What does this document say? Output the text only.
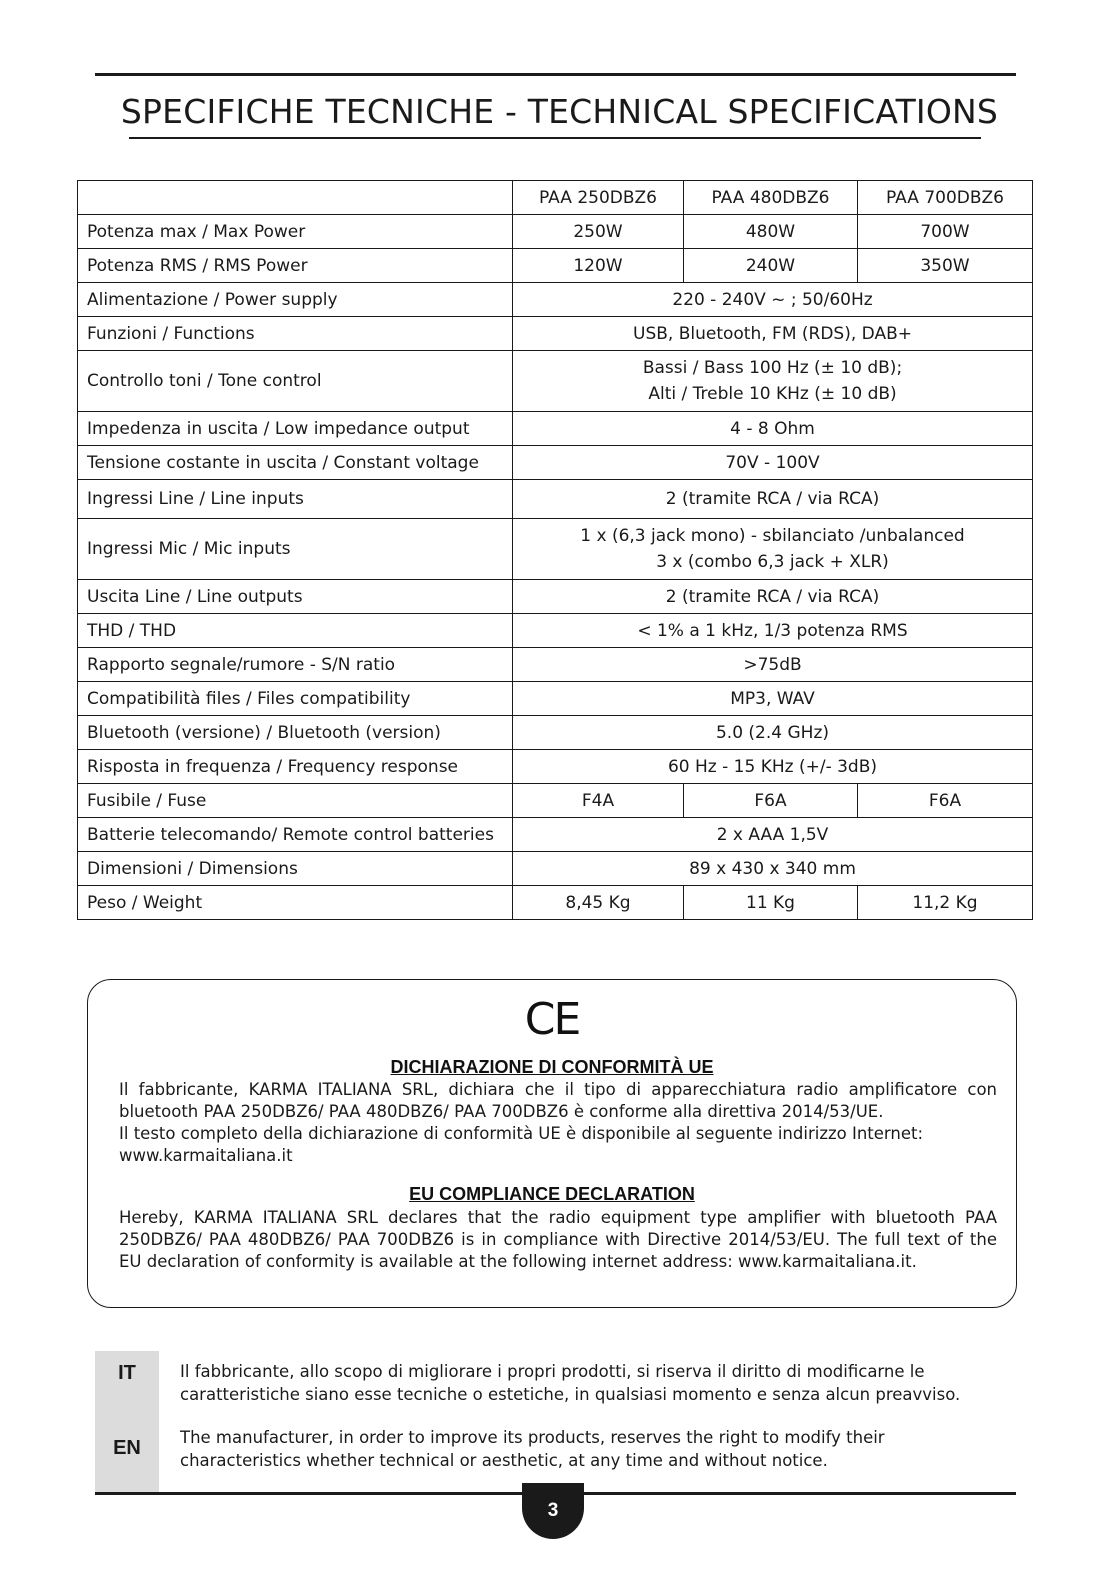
SPECIFICHE TECNICHE - TECHNICAL SPECIFICATIONS
	PAA 250DBZ6	PAA 480DBZ6	PAA 700DBZ6
Potenza max / Max Power	250W	480W	700W
Potenza RMS / RMS Power	120W	240W	350W
Alimentazione / Power supply	220 - 240V ~ ; 50/60Hz		
Funzioni / Functions	USB, Bluetooth, FM (RDS), DAB+		
Controllo toni / Tone control	Bassi / Bass 100 Hz (± 10 dB);
Alti / Treble 10 KHz (± 10 dB)		

Impedenza in uscita / Low impedance output	4 - 8 Ohm		
Tensione costante in uscita / Constant voltage	70V - 100V		
Ingressi Line / Line inputs	2 (tramite RCA / via RCA)		
Ingressi Mic / Mic inputs	1 x (6,3 jack mono) - sbilanciato /unbalanced
3 x (combo 6,3 jack + XLR)		

Uscita Line / Line outputs	2 (tramite RCA / via RCA)		
THD / THD	< 1% a 1 kHz, 1/3 potenza RMS		
Rapporto segnale/rumore - S/N ratio	>75dB		
Compatibilità files / Files compatibility	MP3, WAV		
Bluetooth (versione) / Bluetooth (version)	5.0 (2.4 GHz)		
Risposta in frequenza / Frequency response	60 Hz - 15 KHz (+/- 3dB)		
Fusibile / Fuse	F4A	F6A	F6A
Batterie telecomando/ Remote control batteries	2 x AAA 1,5V		
Dimensioni / Dimensions	89 x 430 x 340 mm		
Peso / Weight	8,45 Kg	11 Kg	11,2 Kg
CE
DICHIARAZIONE DI CONFORMITÀ UE
Il fabbricante, KARMA ITALIANA SRL, dichiara che il tipo di apparecchiatura radio amplificatore con bluetooth PAA 250DBZ6/ PAA 480DBZ6/ PAA 700DBZ6 è conforme alla direttiva 2014/53/UE.
Il testo completo della dichiarazione di conformità UE è disponibile al seguente indirizzo Internet:
www.karmaitaliana.it
EU COMPLIANCE DECLARATION
Hereby, KARMA ITALIANA SRL declares that the radio equipment type amplifier with bluetooth PAA 250DBZ6/ PAA 480DBZ6/ PAA 700DBZ6 is in compliance with Directive 2014/53/EU. The full text of the EU declaration of conformity is available at the following internet address: www.karmaitaliana.it.
IT
EN
Il fabbricante, allo scopo di migliorare i propri prodotti, si riserva il diritto di modificarne le caratteristiche siano esse tecniche o estetiche, in qualsiasi momento e senza alcun preavviso.
The manufacturer, in order to improve its products, reserves the right to modify their characteristics whether technical or aesthetic, at any time and without notice.
3
